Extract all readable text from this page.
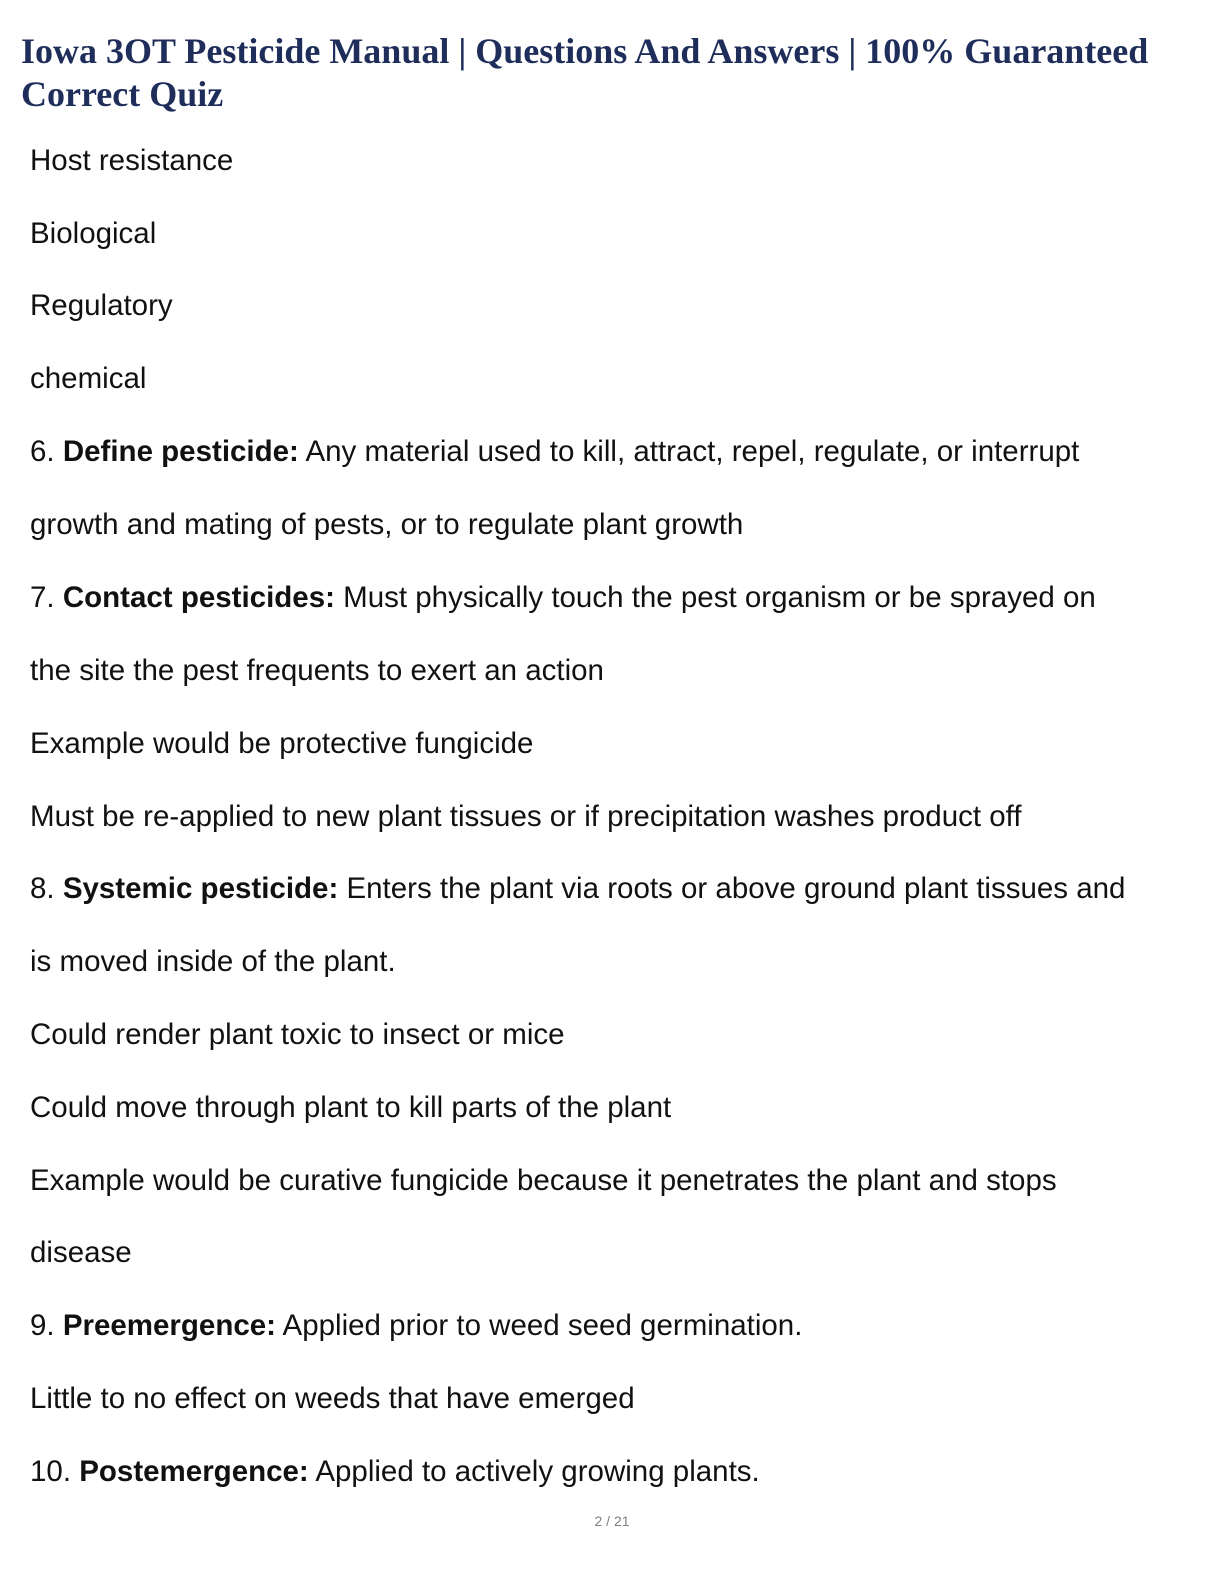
Iowa 3OT Pesticide Manual | Questions And Answers | 100% Guaranteed Correct Quiz

Host resistance

Biological

Regulatory

chemical

6. Define pesticide: Any material used to kill, attract, repel, regulate, or interrupt

growth and mating of pests, or to regulate plant growth

7. Contact pesticides: Must physically touch the pest organism or be sprayed on

the site the pest frequents to exert an action

Example would be protective fungicide

Must be re-applied to new plant tissues or if precipitation washes product off

8. Systemic pesticide: Enters the plant via roots or above ground plant tissues and

is moved inside of the plant.

Could render plant toxic to insect or mice

Could move through plant to kill parts of the plant

Example would be curative fungicide because it penetrates the plant and stops

disease

9. Preemergence: Applied prior to weed seed germination.

Little to no effect on weeds that have emerged

10. Postemergence: Applied to actively growing plants.

2 / 21
